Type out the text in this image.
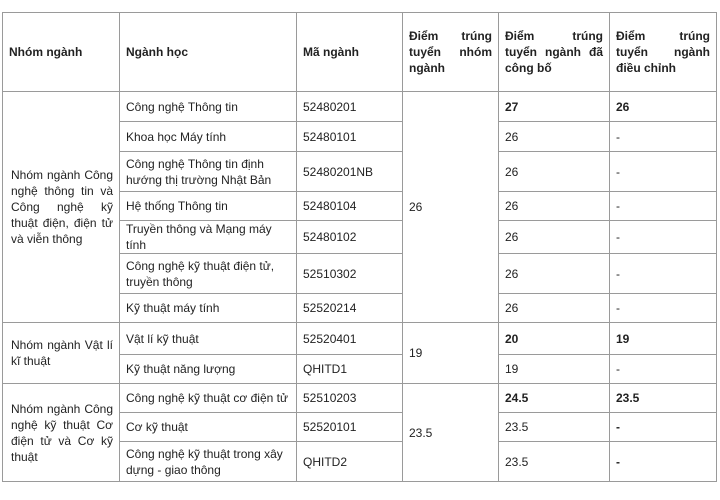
Nhóm ngành	Ngành học	Mã ngành	Điểm trúng tuyển nhóm ngành	Điểm trúng tuyển ngành đã công bố	Điểm trúng tuyển ngành điều chỉnh
Nhóm ngành Công nghệ thông tin và Công nghệ kỹ thuật điện, điện tử và viễn thông	Công nghệ Thông tin	52480201	26	27	26
	Khoa học Máy tính	52480101		26	-
	Công nghệ Thông tin định hướng thị trường Nhật Bản	52480201NB		26	-
	Hệ thống Thông tin	52480104		26	-
	Truyền thông và Mạng máy tính	52480102		26	-
	Công nghệ kỹ thuật điện tử, truyền thông	52510302		26	-
	Kỹ thuật máy tính	52520214		26	-
Nhóm ngành Vật lí kĩ thuật	Vật lí kỹ thuật	52520401	19	20	19
	Kỹ thuật năng lượng	QHITD1		19	-
Nhóm ngành Công nghệ kỹ thuật Cơ điện tử và Cơ kỹ thuật	Công nghệ kỹ thuật cơ điện tử	52510203	23.5	24.5	23.5
	Cơ kỹ thuật	52520101		23.5	-
	Công nghệ kỹ thuật trong xây dựng - giao thông	QHITD2		23.5	-
